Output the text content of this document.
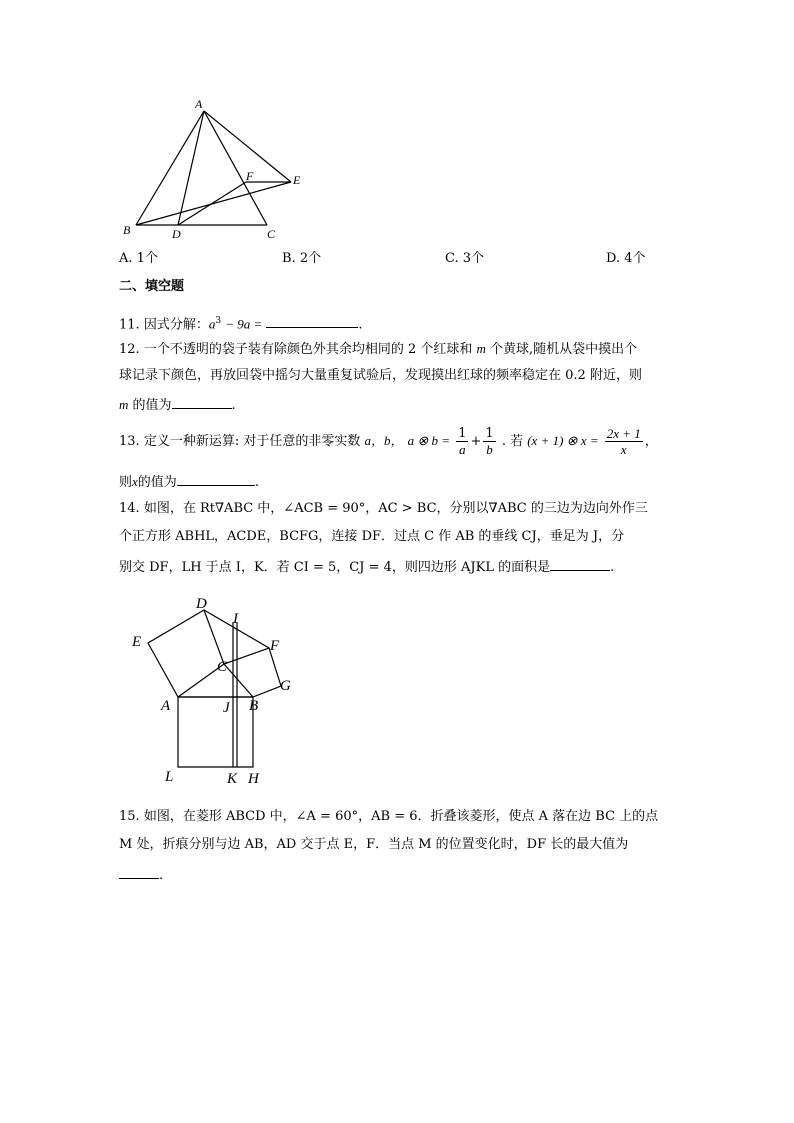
A
B	C
D
E
F
A. 1个	B. 2个	C. 3个	D. 4个
二、填空题
11. 因式分解：$a^3 - 9a$ =	.
12. 一个不透明的袋子装有除颜色外其余均相同的 2 个红球和 m 个黄球,随机从袋中摸出个
球记录下颜色，再放回袋中摇匀大量重复试验后，发现摸出红球的频率稳定在 0.2 附近，则
m 的值为	.
13. 定义一种新运算: 对于任意的非零实数 a，b， a ⊗ $b = \frac{1}{a} + \frac{1}{b}$ . 若 (x + 1) ⊗ $x = \frac{2x + 1}{x}$ ，
则x的值为	.
14. 如图，在 Rt∇ABC 中，∠ACB = 90°，AC > BC，分别以∇ABC 的三边为边向外作三
个正方形 ABHL，ACDE，BCFG，连接 DF．过点 C 作 AB 的垂线 CJ，垂足为 J，分
别交 DF，LH 于点 I，K．若 CI = 5，CJ = 4，则四边形 AJKL 的面积是	.
D
I
E	F
C
G
A	J B
L	K H
15. 如图，在菱形 ABCD 中，∠A = 60°，AB = 6．折叠该菱形，使点 A 落在边 BC 上的点
M 处，折痕分别与边 AB，AD 交于点 E，F．当点 M 的位置变化时，DF 长的最大值为
.
